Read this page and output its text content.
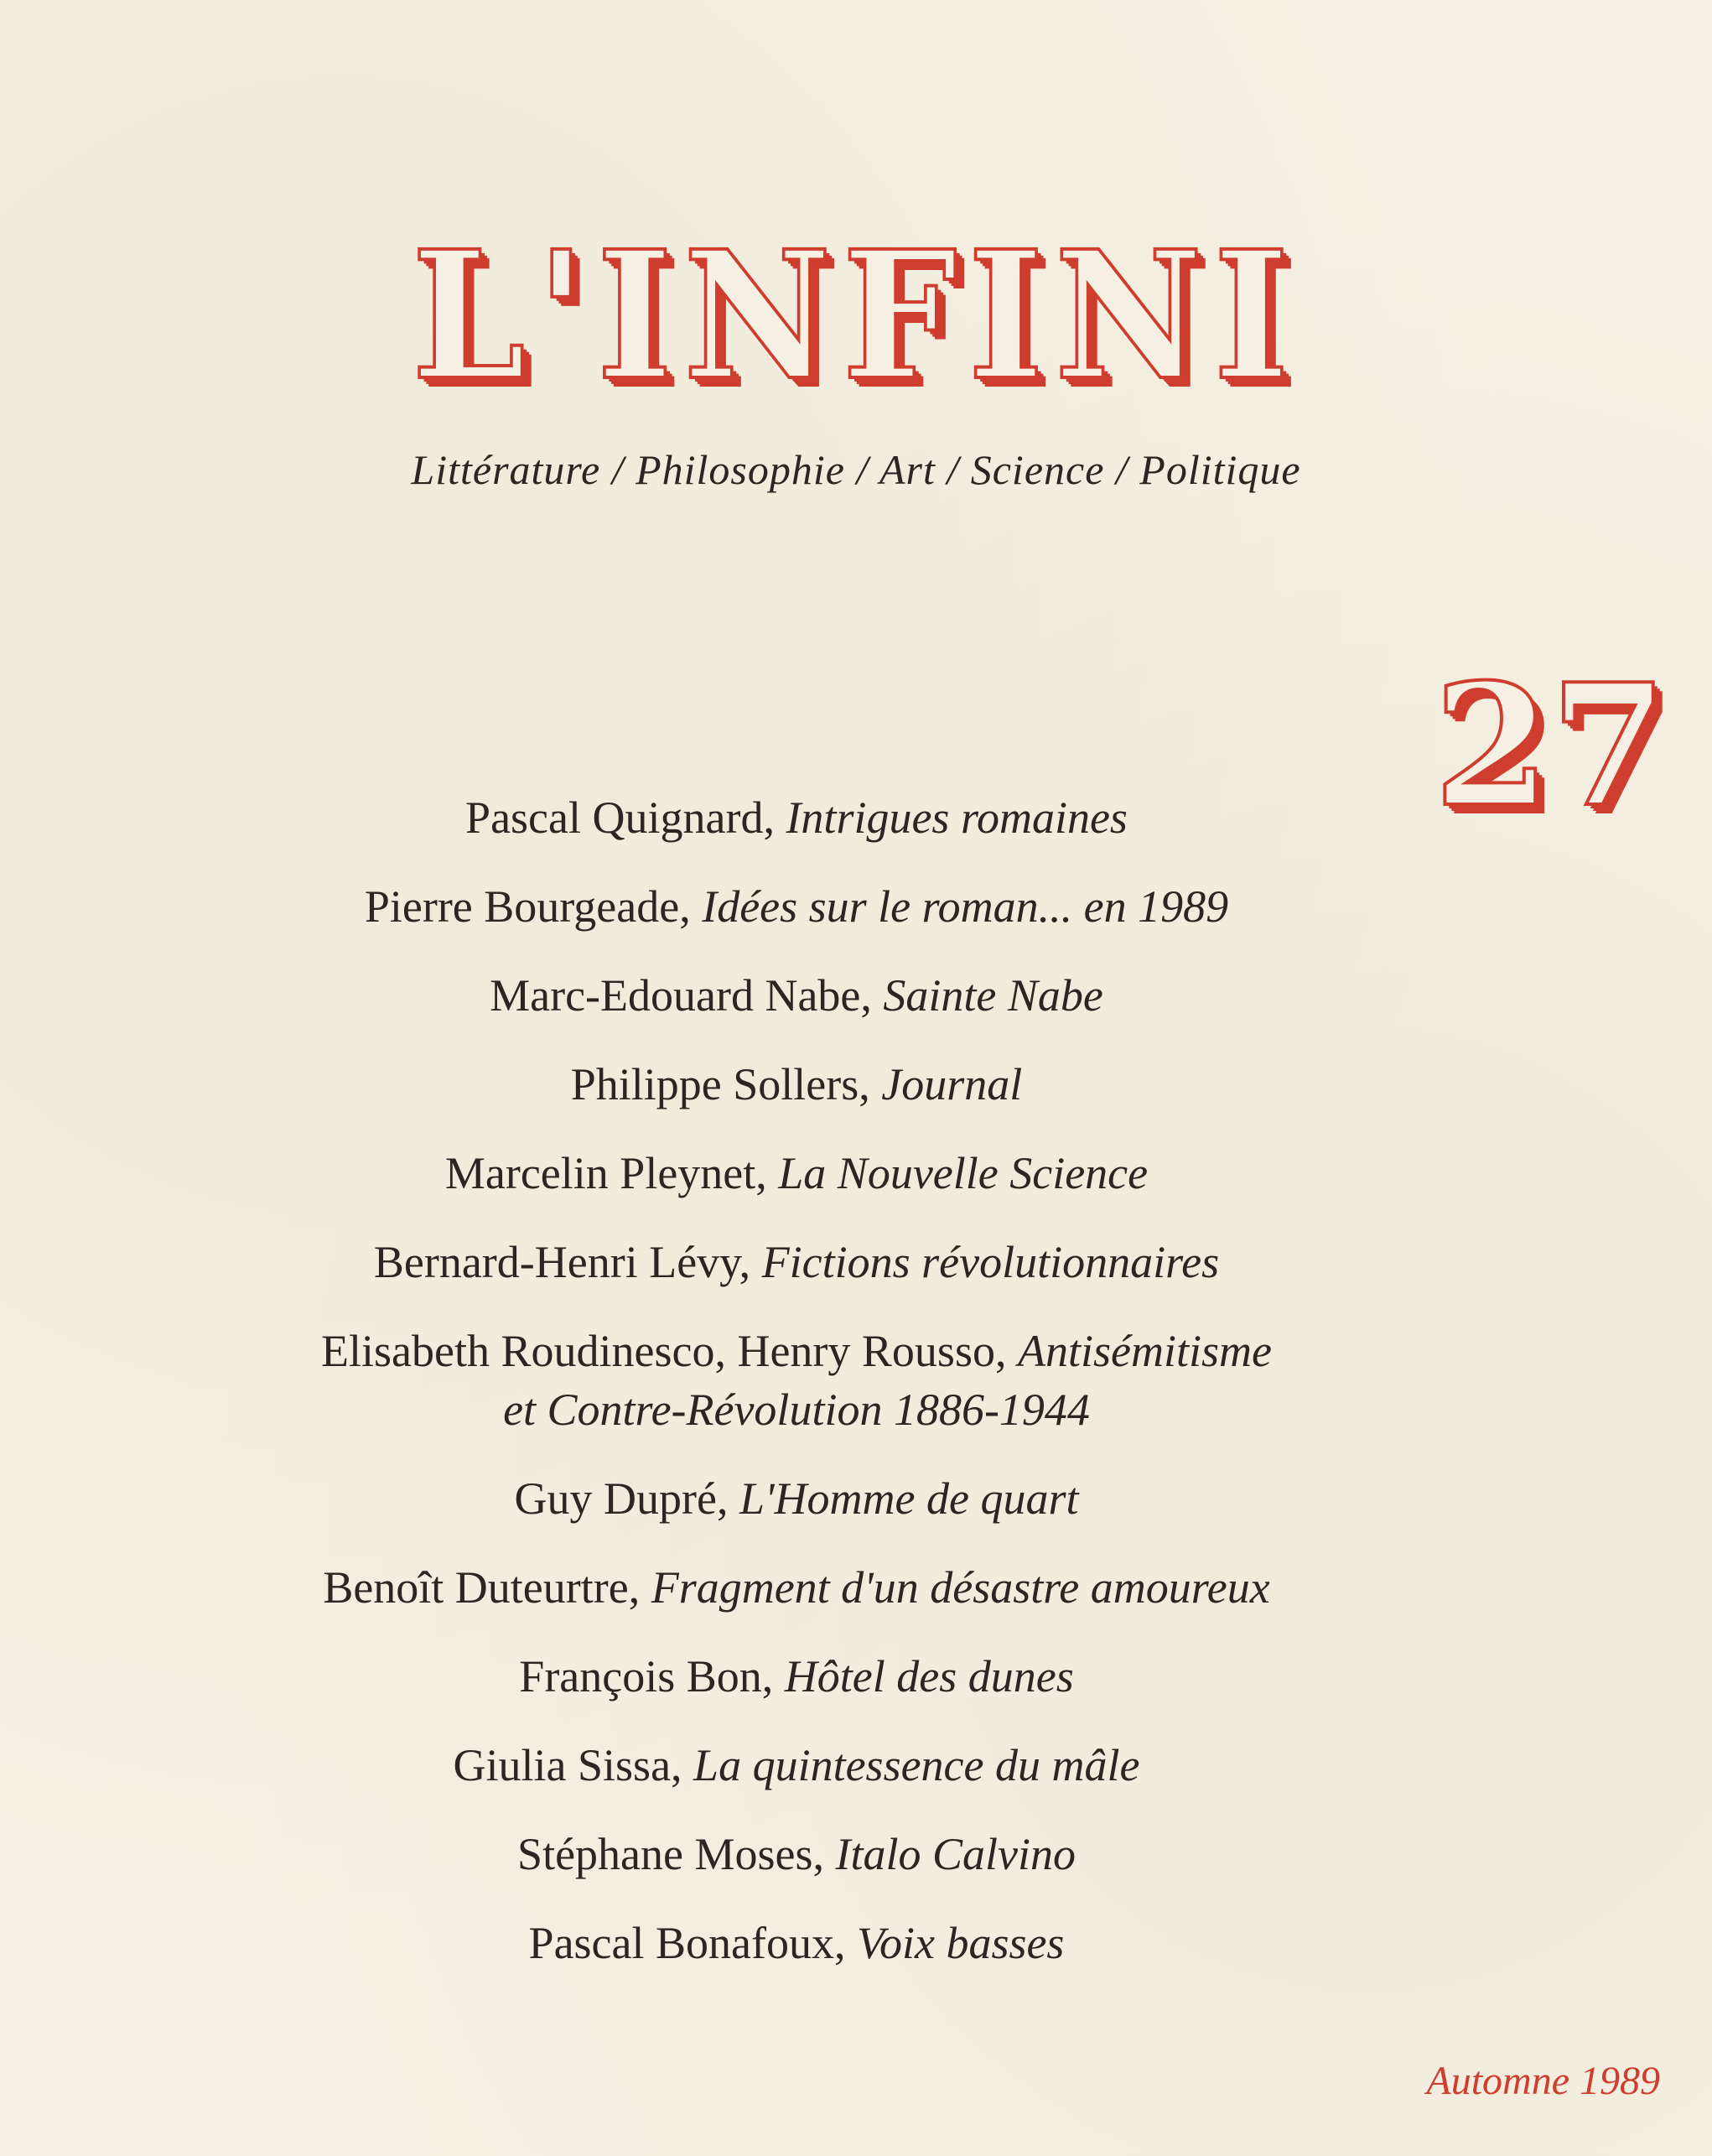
L'INFINI
Littérature / Philosophie / Art / Science / Politique
27
Pascal Quignard, Intrigues romaines
Pierre Bourgeade, Idées sur le roman... en 1989
Marc-Edouard Nabe, Sainte Nabe
Philippe Sollers, Journal
Marcelin Pleynet, La Nouvelle Science
Bernard-Henri Lévy, Fictions révolutionnaires
Elisabeth Roudinesco, Henry Rousso, Antisémitisme
et Contre-Révolution 1886-1944
Guy Dupré, L'Homme de quart
Benoît Duteurtre, Fragment d'un désastre amoureux
François Bon, Hôtel des dunes
Giulia Sissa, La quintessence du mâle
Stéphane Moses, Italo Calvino
Pascal Bonafoux, Voix basses
Automne 1989
